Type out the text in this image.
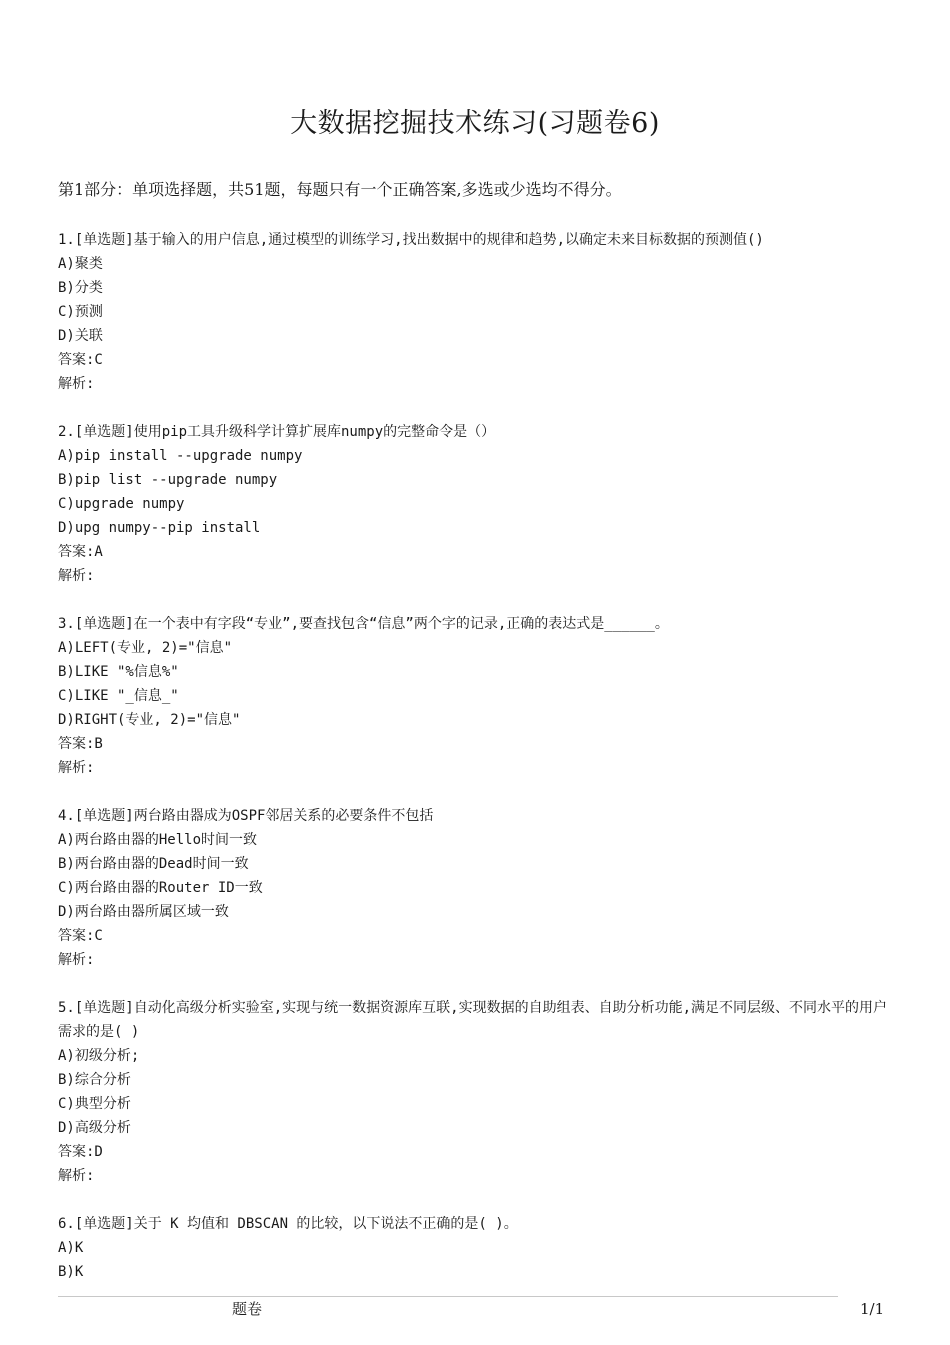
大数据挖掘技术练习(习题卷6)
第1部分：单项选择题，共51题，每题只有一个正确答案,多选或少选均不得分。

1.[单选题]基于输入的用户信息,通过模型的训练学习,找出数据中的规律和趋势,以确定未来目标数据的预测值()

A)聚类

B)分类

C)预测

D)关联

答案:C

解析:

2.[单选题]使用pip工具升级科学计算扩展库numpy的完整命令是（）

A)pip install --upgrade numpy

B)pip list --upgrade numpy

C)upgrade numpy

D)upg numpy--pip install

答案:A

解析:

3.[单选题]在一个表中有字段“专业”,要查找包含“信息”两个字的记录,正确的表达式是______。

A)LEFT(专业, 2)="信息"

B)LIKE "%信息%"

C)LIKE "_信息_"

D)RIGHT(专业, 2)="信息"

答案:B

解析:

4.[单选题]两台路由器成为OSPF邻居关系的必要条件不包括

A)两台路由器的Hello时间一致

B)两台路由器的Dead时间一致

C)两台路由器的Router ID一致

D)两台路由器所属区域一致

答案:C

解析:

5.[单选题]自动化高级分析实验室,实现与统一数据资源库互联,实现数据的自助组表、自助分析功能,满足不同层级、不同水平的用户需求的是( )

A)初级分析;

B)综合分析

C)典型分析

D)高级分析

答案:D

解析:

6.[单选题]关于 K 均值和 DBSCAN 的比较，以下说法不正确的是( )。

A)K

B)K

题卷	1/1
